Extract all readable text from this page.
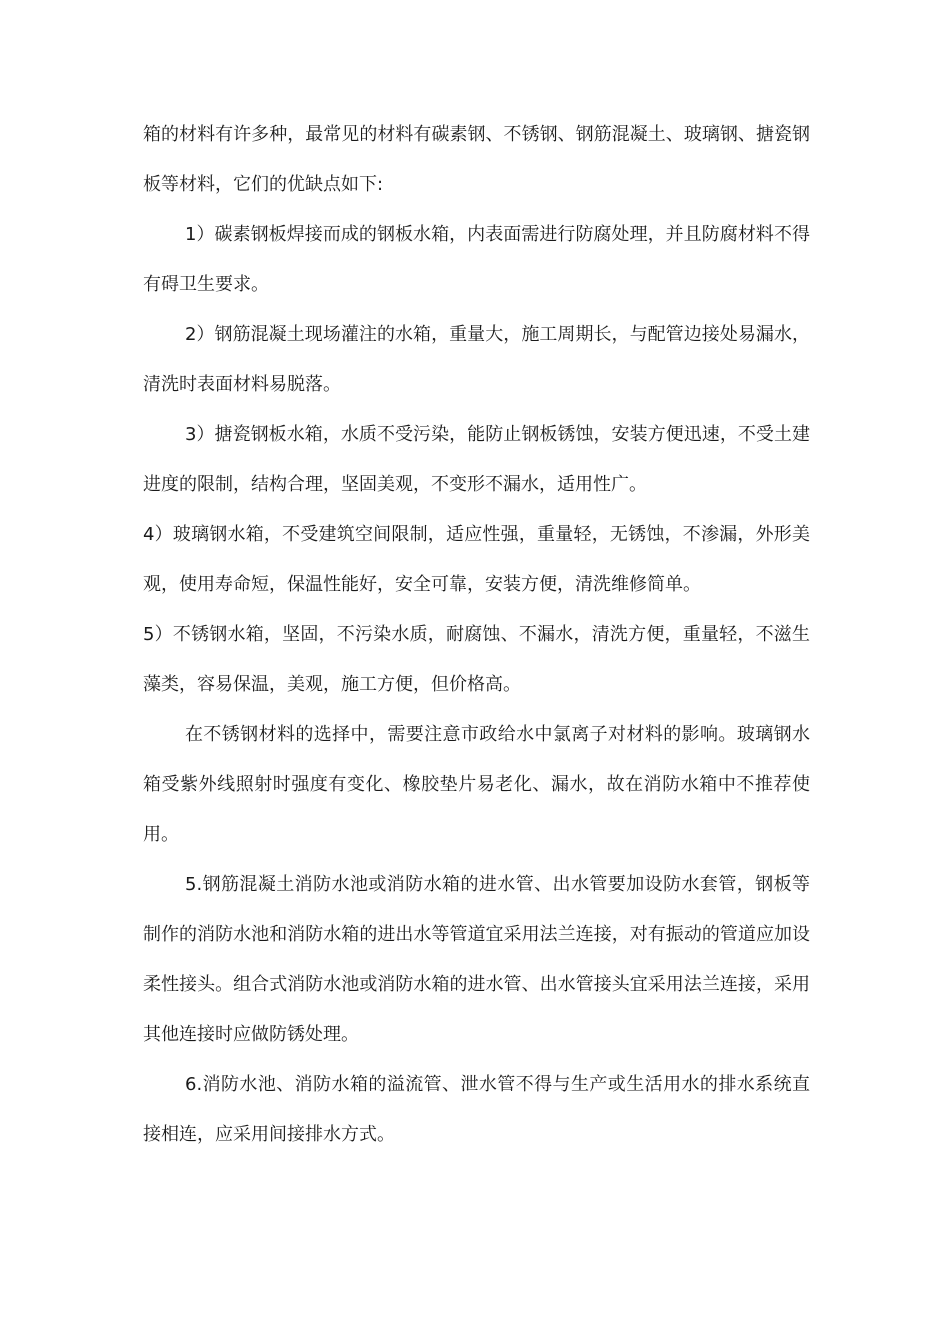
箱的材料有许多种，最常见的材料有碳素钢、不锈钢、钢筋混凝土、玻璃钢、搪瓷钢板等材料，它们的优缺点如下:

1）碳素钢板焊接而成的钢板水箱，内表面需进行防腐处理，并且防腐材料不得有碍卫生要求。

2）钢筋混凝土现场灌注的水箱，重量大，施工周期长，与配管边接处易漏水，清洗时表面材料易脱落。

3）搪瓷钢板水箱，水质不受污染，能防止钢板锈蚀，安装方便迅速，不受土建进度的限制，结构合理，坚固美观，不变形不漏水，适用性广。

4）玻璃钢水箱，不受建筑空间限制，适应性强，重量轻，无锈蚀，不渗漏，外形美观，使用寿命短，保温性能好，安全可靠，安装方便，清洗维修简单。

5）不锈钢水箱，坚固，不污染水质，耐腐蚀、不漏水，清洗方便，重量轻，不滋生藻类，容易保温，美观，施工方便，但价格高。

在不锈钢材料的选择中，需要注意市政给水中氯离子对材料的影响。玻璃钢水箱受紫外线照射时强度有变化、橡胶垫片易老化、漏水，故在消防水箱中不推荐使用。

5.钢筋混凝土消防水池或消防水箱的进水管、出水管要加设防水套管，钢板等制作的消防水池和消防水箱的进出水等管道宜采用法兰连接，对有振动的管道应加设柔性接头。组合式消防水池或消防水箱的进水管、出水管接头宜采用法兰连接，采用其他连接时应做防锈处理。

6.消防水池、消防水箱的溢流管、泄水管不得与生产或生活用水的排水系统直接相连，应采用间接排水方式。
